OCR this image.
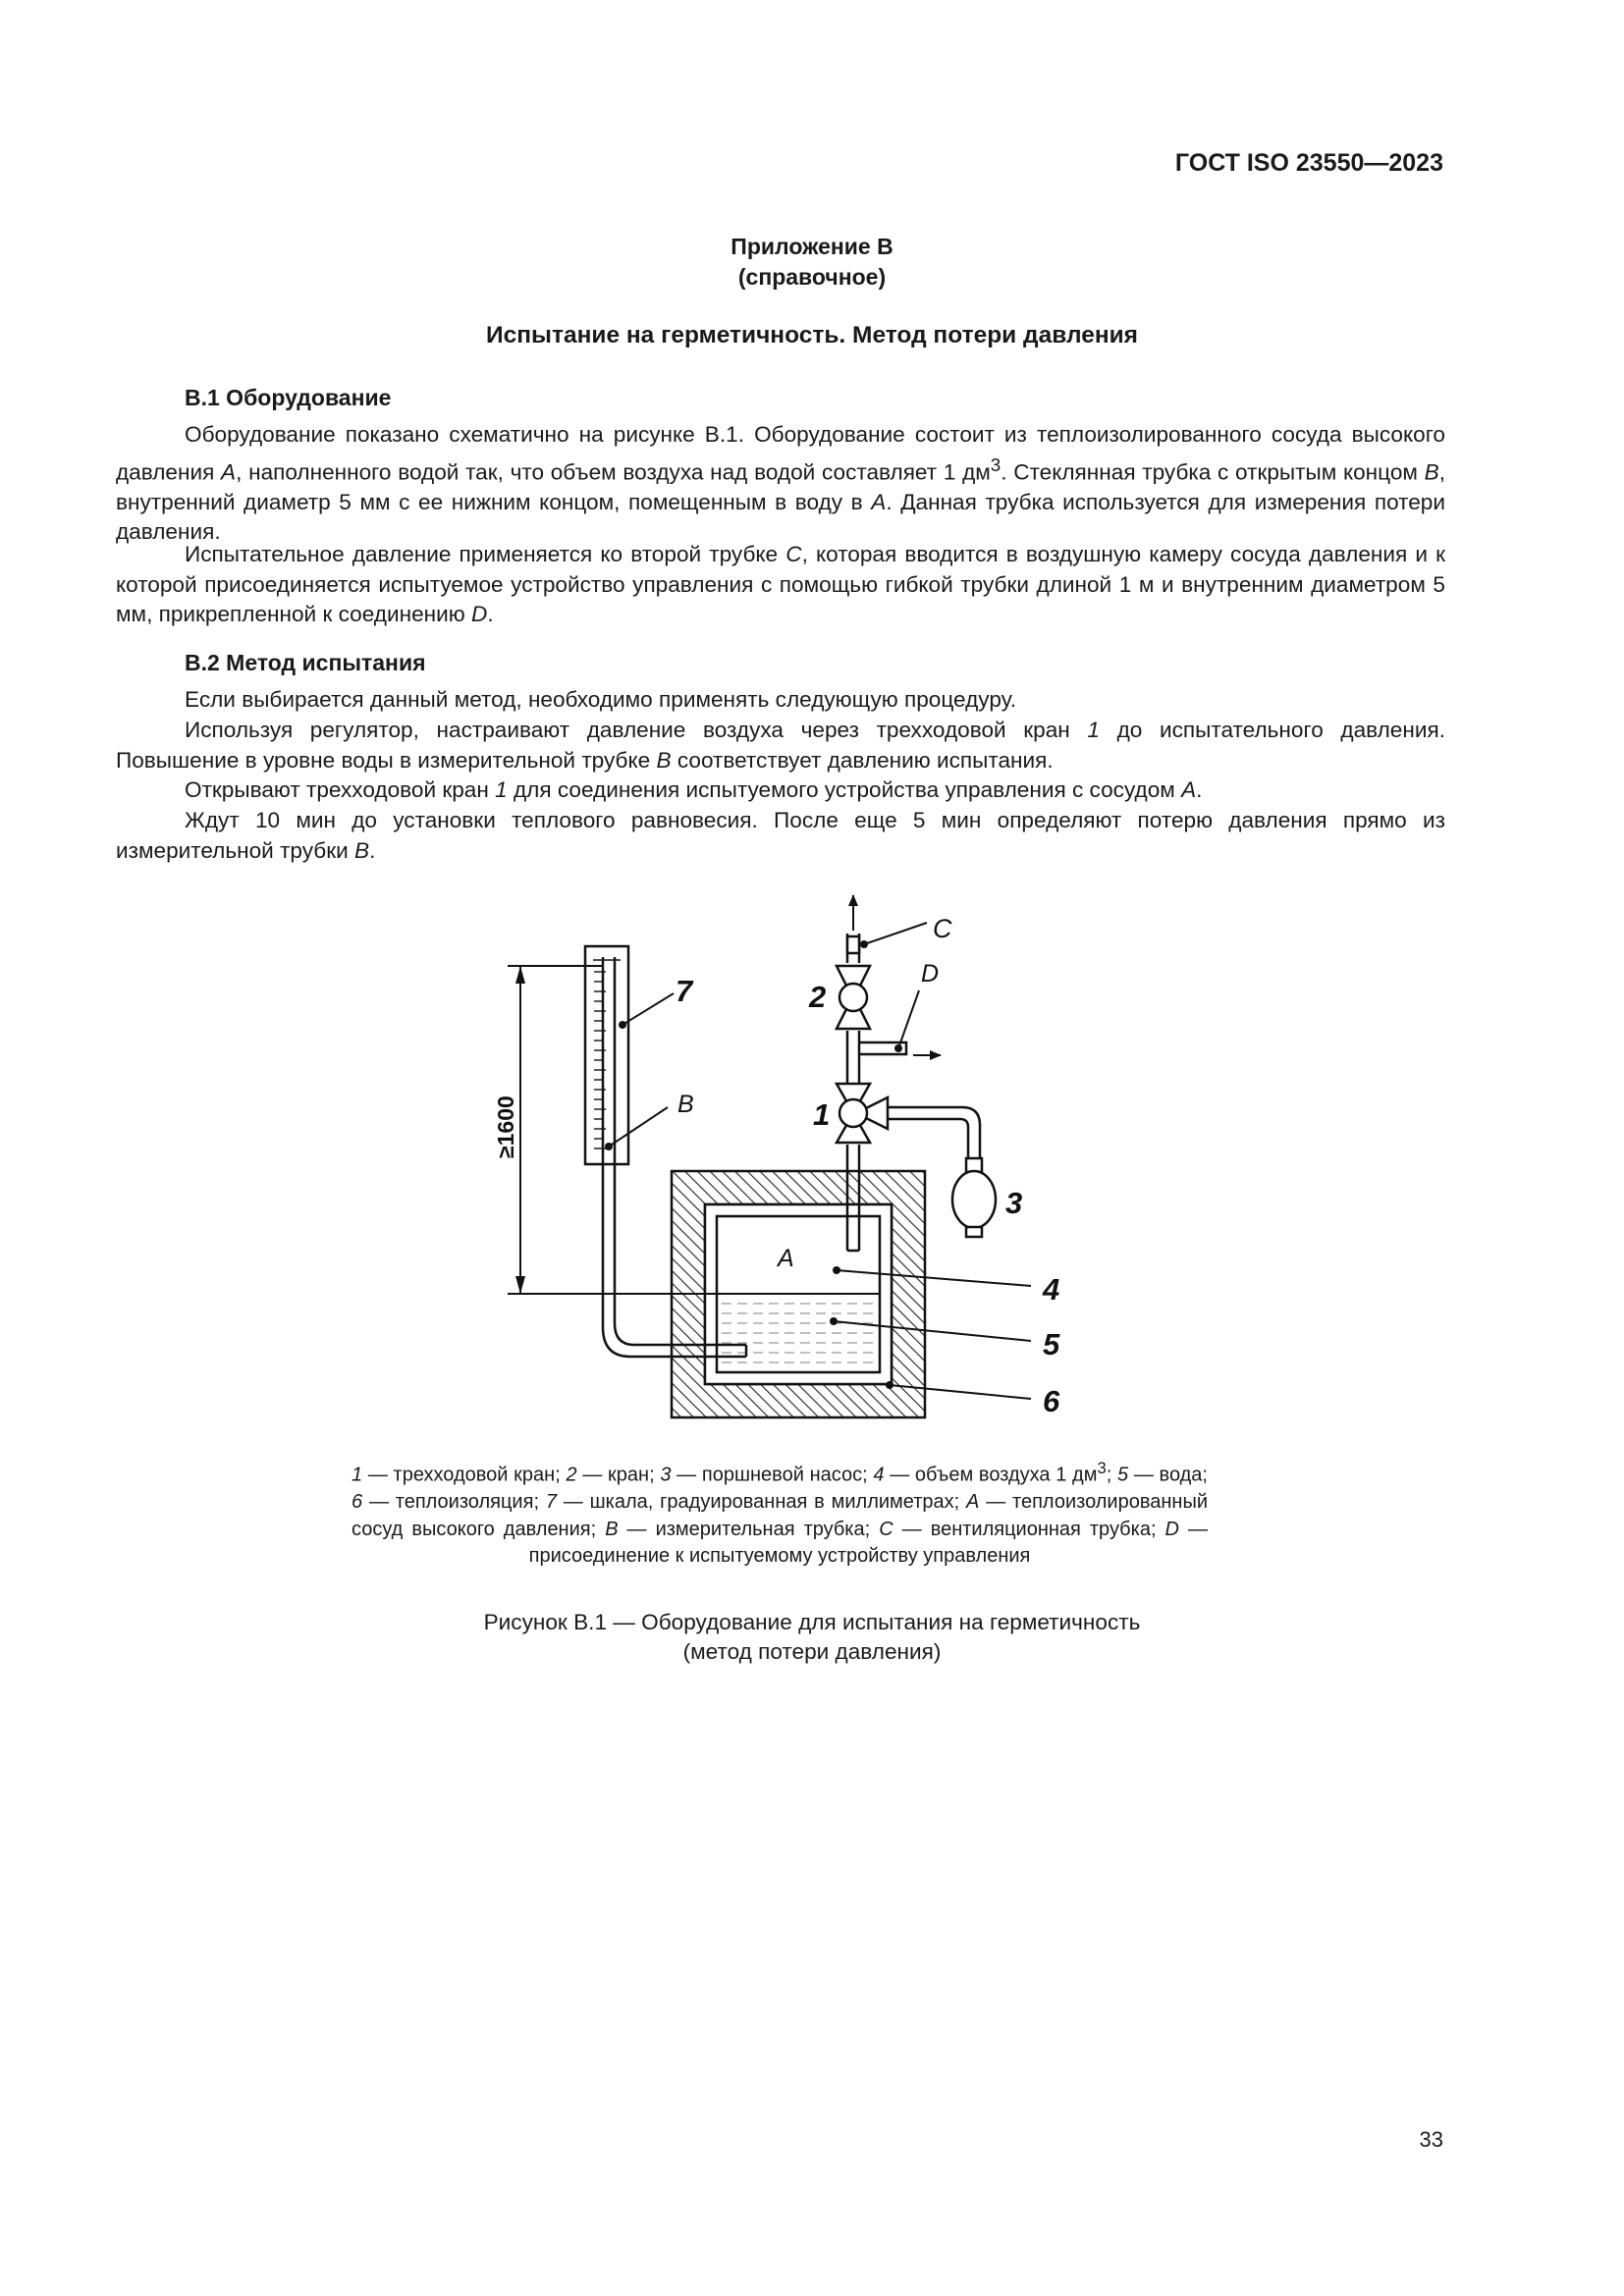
ГОСТ ISO 23550—2023
Приложение В
(справочное)
Испытание на герметичность. Метод потери давления
В.1 Оборудование

Оборудование показано схематично на рисунке В.1. Оборудование состоит из теплоизолированного сосуда высокого давления А, наполненного водой так, что объем воздуха над водой составляет 1 $дм^3$. Стеклянная трубка с открытым концом В, внутренний диаметр 5 мм с ее нижним концом, помещенным в воду в А. Данная трубка используется для измерения потери давления.

Испытательное давление применяется ко второй трубке С, которая вводится в воздушную камеру сосуда давления и к которой присоединяется испытуемое устройство управления с помощью гибкой трубки длиной 1 м и внутренним диаметром 5 мм, прикрепленной к соединению D.

В.2 Метод испытания

Если выбирается данный метод, необходимо применять следующую процедуру.

Используя регулятор, настраивают давление воздуха через трехходовой кран 1 до испытательного давления. Повышение в уровне воды в измерительной трубке В соответствует давлению испытания.

Открывают трехходовой кран 1 для соединения испытуемого устройства управления с сосудом А.

Ждут 10 мин до установки теплового равновесия. После еще 5 мин определяют потерю давления прямо из измерительной трубки В.

C
D
2
1
3
7
B
A
4
5
6
≥1600
1 — трехходовой кран; 2 — кран; 3 — поршневой насос; 4 — объем воздуха 1 $дм^3$; 5 — вода; 6 — теплоизоляция; 7 — шкала, градуированная в миллиметрах; А — теплоизолированный сосуд высокого давления; В — измерительная трубка; С — вентиляционная трубка; D — присоединение к испытуемому устройству управления
Рисунок В.1 — Оборудование для испытания на герметичность
(метод потери давления)
33
